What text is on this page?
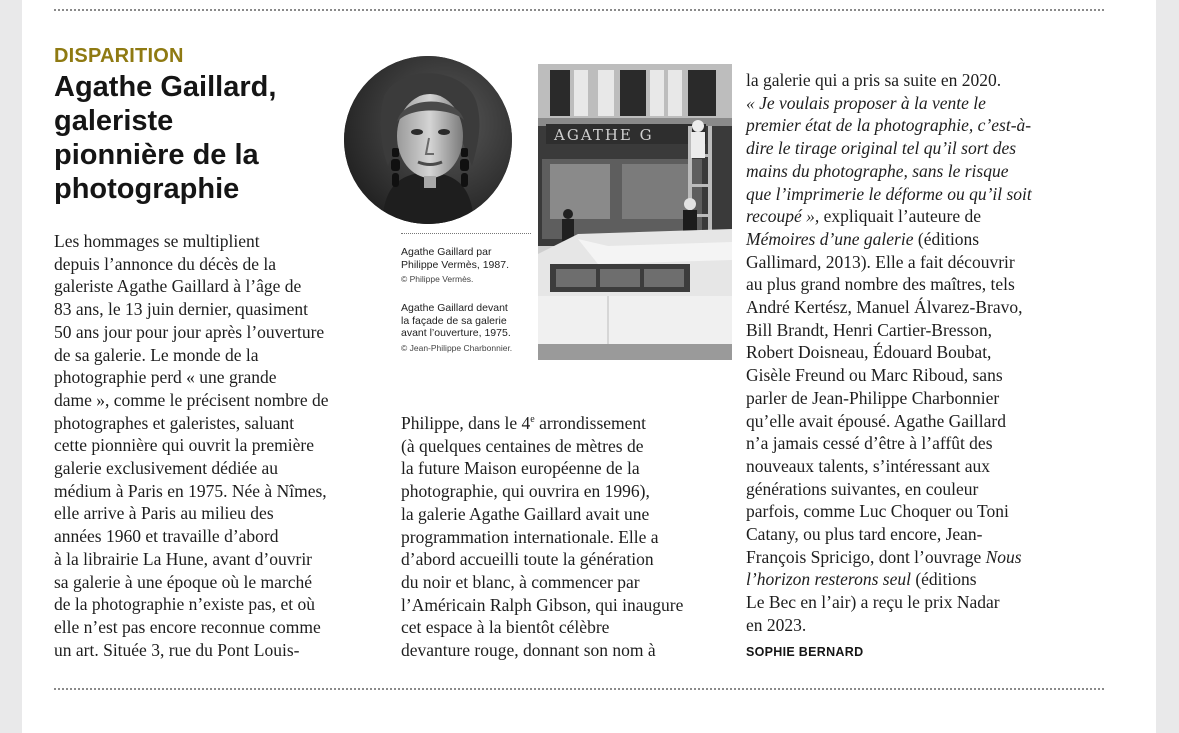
DISPARITION
Agathe Gaillard,
galeriste
pionnière de la
photographie
AGATHE G
Agathe Gaillard par
Philippe Vermès, 1987.
© Philippe Vermès.
Agathe Gaillard devant
la façade de sa galerie
avant l’ouverture, 1975.
© Jean-Philippe Charbonnier.
Les hommages se multiplient
depuis l’annonce du décès de la
galeriste Agathe Gaillard à l’âge de
83 ans, le 13 juin dernier, quasiment
50 ans jour pour jour après l’ouverture
de sa galerie. Le monde de la
photographie perd « une grande
dame », comme le précisent nombre de
photographes et galeristes, saluant
cette pionnière qui ouvrit la première
galerie exclusivement dédiée au
médium à Paris en 1975. Née à Nîmes,
elle arrive à Paris au milieu des
années 1960 et travaille d’abord
à la librairie La Hune, avant d’ouvrir
sa galerie à une époque où le marché
de la photographie n’existe pas, et où
elle n’est pas encore reconnue comme
un art. Située 3, rue du Pont Louis-
Philippe, dans le 4e arrondissement
(à quelques centaines de mètres de
la future Maison européenne de la
photographie, qui ouvrira en 1996),
la galerie Agathe Gaillard avait une
programmation internationale. Elle a
d’abord accueilli toute la génération
du noir et blanc, à commencer par
l’Américain Ralph Gibson, qui inaugure
cet espace à la bientôt célèbre
devanture rouge, donnant son nom à
la galerie qui a pris sa suite en 2020.
« Je voulais proposer à la vente le
premier état de la photographie, c’est-à-
dire le tirage original tel qu’il sort des
mains du photographe, sans le risque
que l’imprimerie le déforme ou qu’il soit
recoupé », expliquait l’auteure de
Mémoires d’une galerie (éditions
Gallimard, 2013). Elle a fait découvrir
au plus grand nombre des maîtres, tels
André Kertész, Manuel Álvarez-Bravo,
Bill Brandt, Henri Cartier-Bresson,
Robert Doisneau, Édouard Boubat,
Gisèle Freund ou Marc Riboud, sans
parler de Jean-Philippe Charbonnier
qu’elle avait épousé. Agathe Gaillard
n’a jamais cessé d’être à l’affût des
nouveaux talents, s’intéressant aux
générations suivantes, en couleur
parfois, comme Luc Choquer ou Toni
Catany, ou plus tard encore, Jean-
François Spricigo, dont l’ouvrage Nous
l’horizon resterons seul (éditions
Le Bec en l’air) a reçu le prix Nadar
en 2023.
SOPHIE BERNARD
